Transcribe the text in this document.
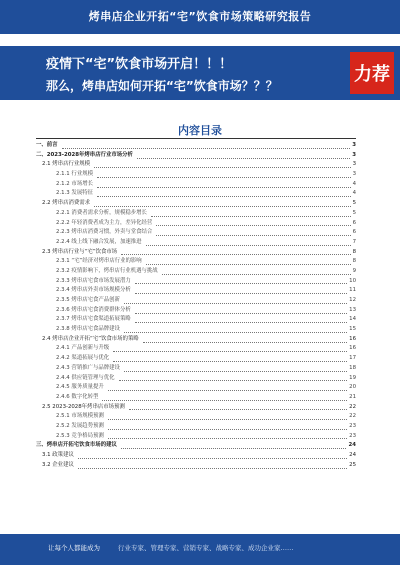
烤串店企业开拓“宅”饮食市场策略研究报告
疫情下“宅”饮食市场开启！！！
那么，烤串店如何开拓“宅”饮食市场？？？
力荐
内容目录
一、前言	3
二、2023-2028年烤串店行业市场分析	3
2.1 烤串店行业规模	3
2.1.1 行业规模	3
2.1.2 市场增长	4
2.1.3 发展特征	4
2.2 烤串店消费需求	5
2.2.1 消费者需求分析，规模稳步增长	5
2.2.2 年轻消费者成为主力，差异化经营	6
2.2.3 烤串店消费习惯，外卖与堂食结合	6
2.2.4 线上线下融合发展，加速推进	7
2.3 烤串店行业与“宅”饮食市场	8
2.3.1 “宅”经济对烤串店行业的影响	8
2.3.2 疫情影响下，烤串店行业机遇与挑战	9
2.3.3 烤串店宅食市场发展潜力	10
2.3.4 烤串店外卖市场规模分析	11
2.3.5 烤串店宅食产品创新	12
2.3.6 烤串店宅食消费群体分析	13
2.3.7 烤串店宅食渠道拓展策略	14
2.3.8 烤串店宅食品牌建设	15
2.4 烤串店企业开拓“宅”饮食市场的策略	16
2.4.1 产品创新与升级	16
2.4.2 渠道拓展与优化	17
2.4.3 营销推广与品牌建设	18
2.4.4 供应链管理与优化	19
2.4.5 服务质量提升	20
2.4.6 数字化转型	21
2.5 2023-2028年烤串店市场预测	22
2.5.1 市场规模预测	22
2.5.2 发展趋势预测	23
2.5.3 竞争格局预测	23
三、烤串店开拓宅饮食市场的建议	24
3.1 政策建议	24
3.2 企业建议	25
让每个人都能成为	行业专家、管理专家、营销专家、战略专家、成功企业家……
